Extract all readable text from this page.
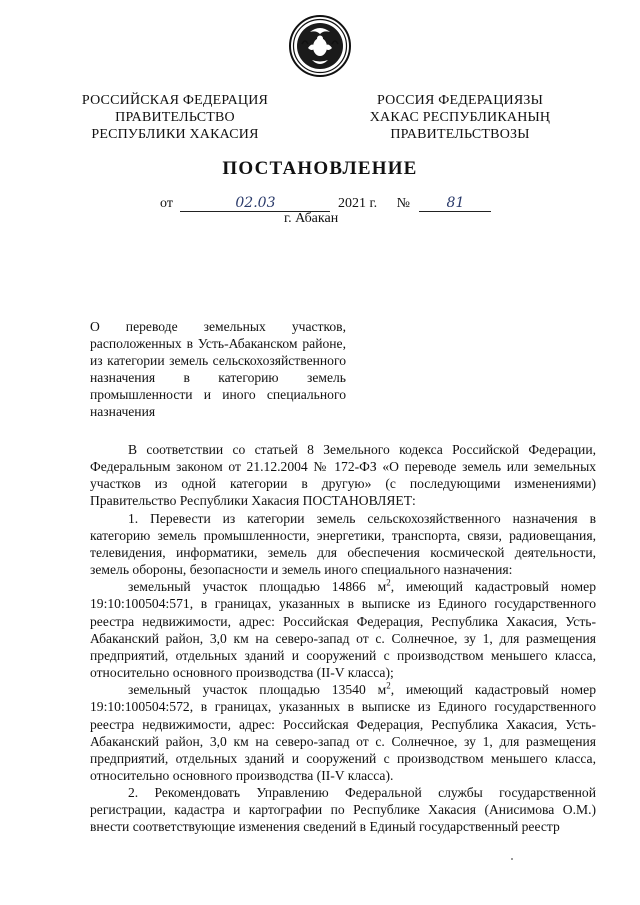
РОССИЙСКАЯ ФЕДЕРАЦИЯ
ПРАВИТЕЛЬСТВО
РЕСПУБЛИКИ ХАКАСИЯ
РОССИЯ ФЕДЕРАЦИЯЗЫ
ХАКАС РЕСПУБЛИКАНЫҢ
ПРАВИТЕЛЬСТВОЗЫ
ПОСТАНОВЛЕНИЕ
от	02.03	2021 г. №	81
г. Абакан
О переводе земельных участков, расположенных в Усть-Абаканском районе, из категории земель сельскохозяйственного назначения в категорию земель промышленности и иного специального назначения

В соответствии со статьей 8 Земельного кодекса Российской Федерации, Федеральным законом от 21.12.2004 № 172-ФЗ «О переводе земель или земельных участков из одной категории в другую» (с последующими изменениями) Правительство Республики Хакасия ПОСТАНОВЛЯЕТ:

1. Перевести из категории земель сельскохозяйственного назначения в категорию земель промышленности, энергетики, транспорта, связи, радиовещания, телевидения, информатики, земель для обеспечения космической деятельности, земель обороны, безопасности и земель иного специального назначения:

земельный участок площадью 14866 $м^2$, имеющий кадастровый номер 19:10:100504:571, в границах, указанных в выписке из Единого государственного реестра недвижимости, адрес: Российская Федерация, Республика Хакасия, Усть-Абаканский район, 3,0 км на северо-запад от с. Солнечное, зу 1, для размещения предприятий, отдельных зданий и сооружений с производством меньшего класса, относительно основного производства (II-V класса);

земельный участок площадью 13540 $м^2$, имеющий кадастровый номер 19:10:100504:572, в границах, указанных в выписке из Единого государственного реестра недвижимости, адрес: Российская Федерация, Республика Хакасия, Усть-Абаканский район, 3,0 км на северо-запад от с. Солнечное, зу 1, для размещения предприятий, отдельных зданий и сооружений с производством меньшего класса, относительно основного производства (II-V класса).

2. Рекомендовать Управлению Федеральной службы государственной регистрации, кадастра и картографии по Республике Хакасия (Анисимова О.М.) внести соответствующие изменения сведений в Единый государственный реестр
